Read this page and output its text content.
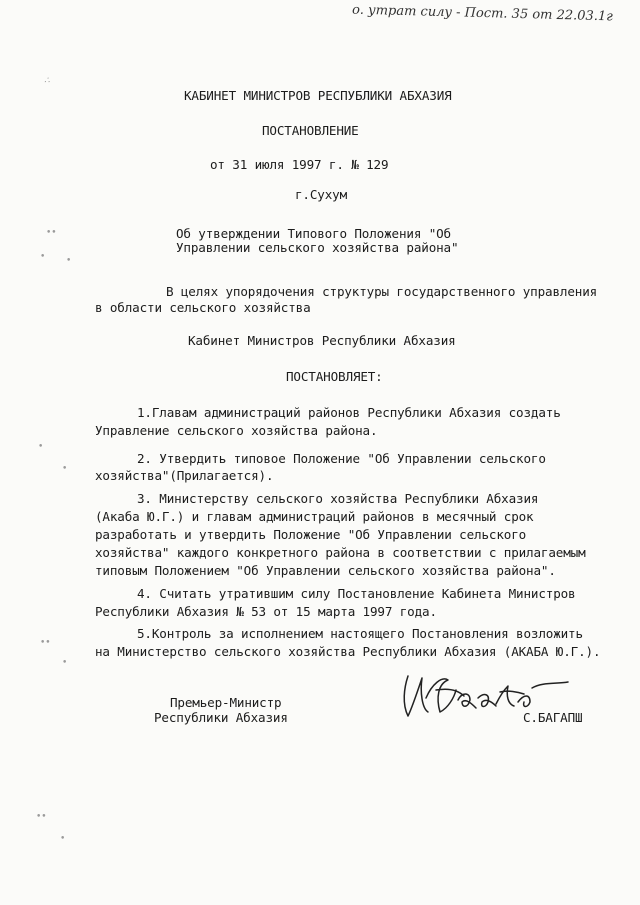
о. утрат силу - Пост. 35 от 22.03.1г
∴
••
• •
•
•
••
•
••
•
КАБИНЕТ МИНИСТРОВ РЕСПУБЛИКИ АБХАЗИЯ
ПОСТАНОВЛЕНИЕ
от 31 июля 1997 г. № 129
г.Сухум
Об утверждении Типового Положения "Об
Управлении сельского хозяйства района"
В целях упорядочения структуры государственного управления
в области сельского хозяйства
Кабинет Министров Республики Абхазия
ПОСТАНОВЛЯЕТ:
1.Главам администраций районов Республики Абхазия создать
Управление сельского хозяйства района.
2. Утвердить типовое Положение "Об Управлении сельского
хозяйства"(Прилагается).
3. Министерству сельского хозяйства Республики Абхазия
(Акаба Ю.Г.) и главам администраций районов в месячный срок
разработать и утвердить Положение "Об Управлении сельского
хозяйства" каждого конкретного района в соответствии с прилагаемым
типовым Положением "Об Управлении сельского хозяйства района".
4. Считать утратившим силу Постановление Кабинета Министров
Республики Абхазия № 53 от 15 марта 1997 года.
5.Контроль за исполнением настоящего Постановления возложить
на Министерство сельского хозяйства Республики Абхазия (АКАБА Ю.Г.).
Премьер-Министр
Республики Абхазия	С.БАГАПШ
